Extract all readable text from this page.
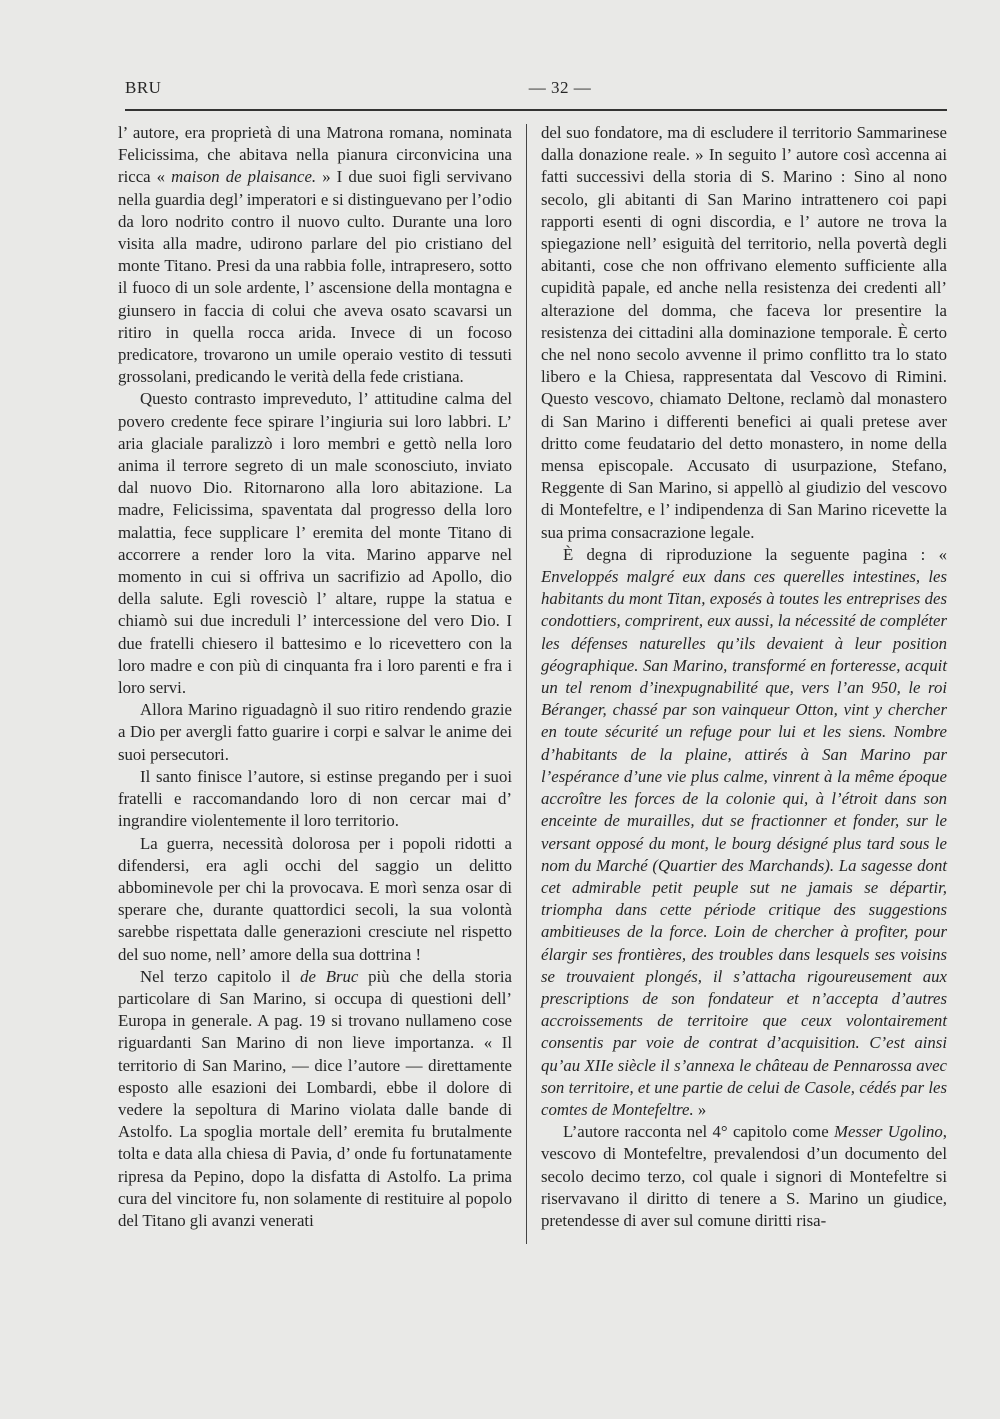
BRU	— 32 —

l’ autore, era proprietà di una Matrona romana, nominata Felicissima, che abitava nella pianura circonvicina una ricca « maison de plaisance. » I due suoi figli servivano nella guardia degl’ imperatori e si distinguevano per l’odio da loro nodrito contro il nuovo culto. Durante una loro visita alla madre, udirono parlare del pio cristiano del monte Titano. Presi da una rabbia folle, intrapresero, sotto il fuoco di un sole ardente, l’ ascensione della montagna e giunsero in faccia di colui che aveva osato scavarsi un ritiro in quella rocca arida. Invece di un focoso predicatore, trovarono un umile operaio vestito di tessuti grossolani, predicando le verità della fede cristiana.

Questo contrasto impreveduto, l’ attitudine calma del povero credente fece spirare l’ingiuria sui loro labbri. L’ aria glaciale paralizzò i loro membri e gettò nella loro anima il terrore segreto di un male sconosciuto, inviato dal nuovo Dio. Ritornarono alla loro abitazione. La madre, Felicissima, spaventata dal progresso della loro malattia, fece supplicare l’ eremita del monte Titano di accorrere a render loro la vita. Marino apparve nel momento in cui si offriva un sacrifizio ad Apollo, dio della salute. Egli rovesciò l’ altare, ruppe la statua e chiamò sui due increduli l’ intercessione del vero Dio. I due fratelli chiesero il battesimo e lo ricevettero con la loro madre e con più di cinquanta fra i loro parenti e fra i loro servi.

Allora Marino riguadagnò il suo ritiro rendendo grazie a Dio per avergli fatto guarire i corpi e salvar le anime dei suoi persecutori.

Il santo finisce l’autore, si estinse pregando per i suoi fratelli e raccomandando loro di non cercar mai d’ ingrandire violentemente il loro territorio.

La guerra, necessità dolorosa per i popoli ridotti a difendersi, era agli occhi del saggio un delitto abbominevole per chi la provocava. E morì senza osar di sperare che, durante quattordici secoli, la sua volontà sarebbe rispettata dalle generazioni cresciute nel rispetto del suo nome, nell’ amore della sua dottrina !

Nel terzo capitolo il de Bruc più che della storia particolare di San Marino, si occupa di questioni dell’ Europa in generale. A pag. 19 si trovano nullameno cose riguardanti San Marino di non lieve importanza. « Il territorio di San Marino, — dice l’autore — direttamente esposto alle esazioni dei Lombardi, ebbe il dolore di vedere la sepoltura di Marino violata dalle bande di Astolfo. La spoglia mortale dell’ eremita fu brutalmente tolta e data alla chiesa di Pavia, d’ onde fu fortunatamente ripresa da Pepino, dopo la disfatta di Astolfo. La prima cura del vincitore fu, non solamente di restituire al popolo del Titano gli avanzi venerati

del suo fondatore, ma di escludere il territorio Sammarinese dalla donazione reale. » In seguito l’ autore così accenna ai fatti successivi della storia di S. Marino : Sino al nono secolo, gli abitanti di San Marino intrattenero coi papi rapporti esenti di ogni discordia, e l’ autore ne trova la spiegazione nell’ esiguità del territorio, nella povertà degli abitanti, cose che non offrivano elemento sufficiente alla cupidità papale, ed anche nella resistenza dei credenti all’ alterazione del domma, che faceva lor presentire la resistenza dei cittadini alla dominazione temporale. È certo che nel nono secolo avvenne il primo conflitto tra lo stato libero e la Chiesa, rappresentata dal Vescovo di Rimini. Questo vescovo, chiamato Deltone, reclamò dal monastero di San Marino i differenti benefici ai quali pretese aver dritto come feudatario del detto monastero, in nome della mensa episcopale. Accusato di usurpazione, Stefano, Reggente di San Marino, si appellò al giudizio del vescovo di Montefeltre, e l’ indipendenza di San Marino ricevette la sua prima consacrazione legale.

È degna di riproduzione la seguente pagina : « Enveloppés malgré eux dans ces querelles intestines, les habitants du mont Titan, exposés à toutes les entreprises des condottiers, comprirent, eux aussi, la nécessité de compléter les défenses naturelles qu’ils devaient à leur position géographique. San Marino, transformé en forteresse, acquit un tel renom d’inexpugnabilité que, vers l’an 950, le roi Béranger, chassé par son vainqueur Otton, vint y chercher en toute sécurité un refuge pour lui et les siens. Nombre d’habitants de la plaine, attirés à San Marino par l’espérance d’une vie plus calme, vinrent à la même époque accroître les forces de la colonie qui, à l’étroit dans son enceinte de murailles, dut se fractionner et fonder, sur le versant opposé du mont, le bourg désigné plus tard sous le nom du Marché (Quartier des Marchands). La sagesse dont cet admirable petit peuple sut ne jamais se départir, triompha dans cette période critique des suggestions ambitieuses de la force. Loin de chercher à profiter, pour élargir ses frontières, des troubles dans lesquels ses voisins se trouvaient plongés, il s’attacha rigoureusement aux prescriptions de son fondateur et n’accepta d’autres accroissements de territoire que ceux volontairement consentis par voie de contrat d’acquisition. C’est ainsi qu’au XIIe siècle il s’annexa le château de Pennarossa avec son territoire, et une partie de celui de Casole, cédés par les comtes de Montefeltre. »

L’autore racconta nel 4° capitolo come Messer Ugolino, vescovo di Montefeltre, prevalendosi d’un documento del secolo decimo terzo, col quale i signori di Montefeltre si riservavano il diritto di tenere a S. Marino un giudice, pretendesse di aver sul comune diritti risa-
